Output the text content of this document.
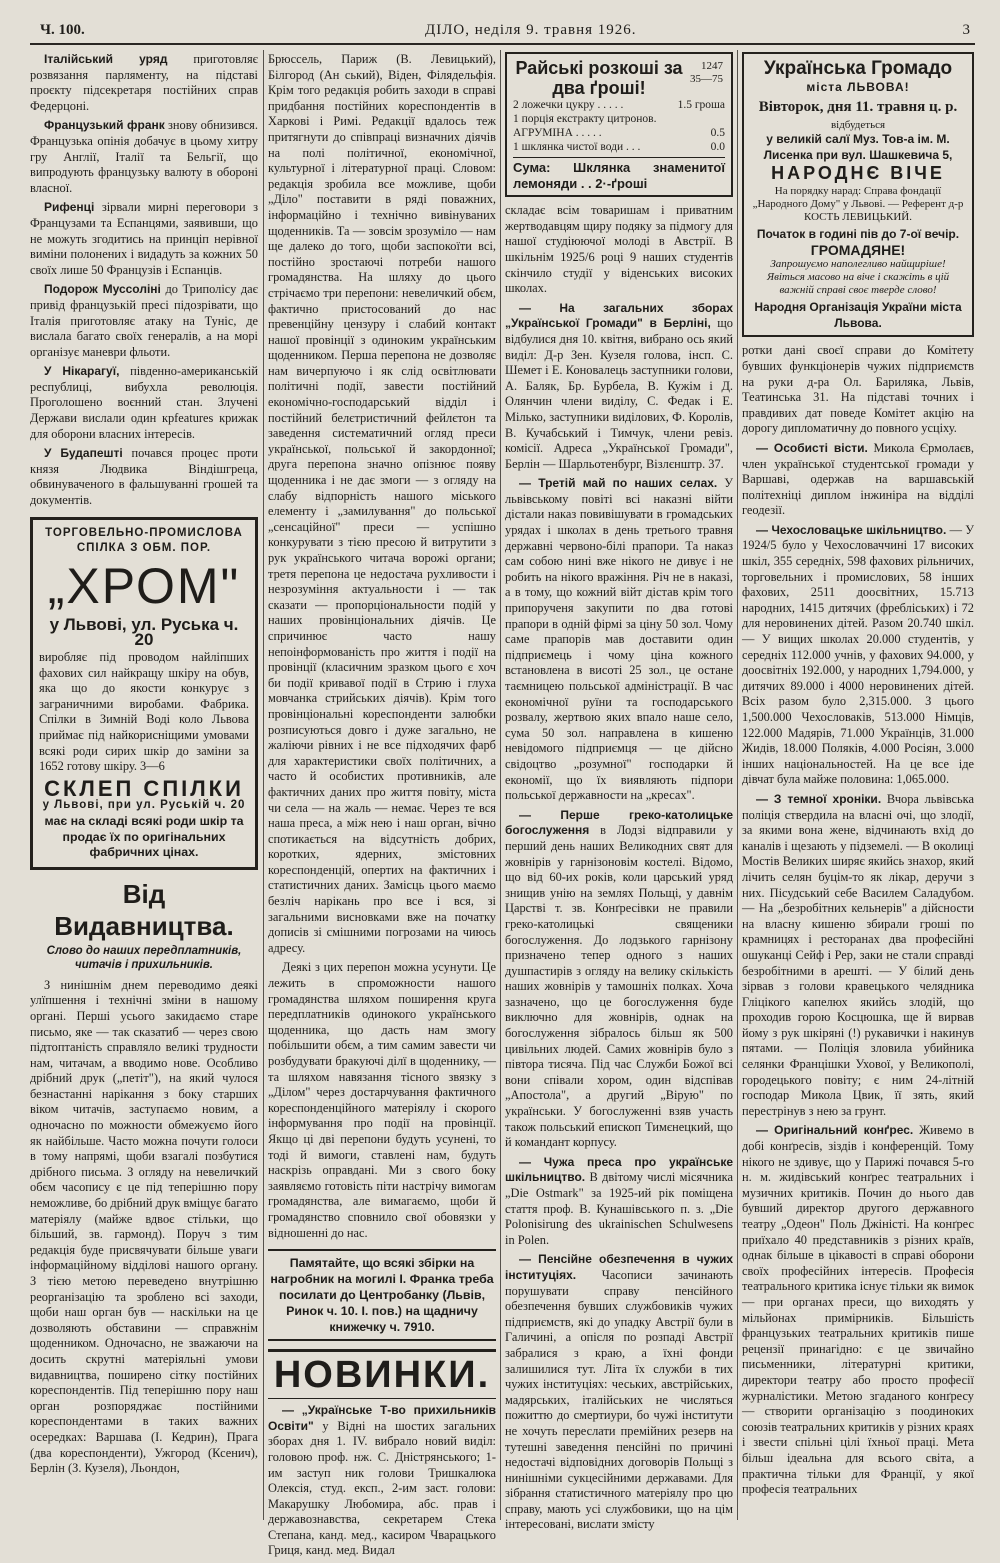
Ч. 100.	ДІЛО, неділя 9. травня 1926.	3

Італійський уряд приготовляє розвязання парляменту, на підставі проєкту підсекретаря постійних справ Федерцоні.

Французький франк знову обнизився. Французька опінія добачує в цьому хитру гру Англії, Італії та Бельгії, що випродують французьку валюту в обороні власної.

Рифенці зірвали мирні переговори з Французами та Еспанцями, заявивши, що не можуть згодитись на принціп нерівної виміни полонених і видадуть за кожних 50 своїх лише 50 Французів і Еспанців.

Подорож Муссоліні до Триполісу дає привід французькій пресі підозрівати, що Італія приготовляє атаку на Туніс, де вислала багато своїх генералів, а на морі організує маневри фльоти.

У Нікарагуї, південно-американській республиці, вибухла революція. Проголошено воєнний стан. Злучені Держави вислали один крfeatures крижак для оборони власних інтересів.

У Будапешті почався процес проти князя Людвика Віндішгреца, обвинуваченого в фальшуванні грошей та документів.

ТОРГОВЕЛЬНО-ПРОМИСЛОВА
СПІЛКА З ОБМ. ПОР.
„ХРОМ"
у Львові, ул. Руська ч. 20
виробляє під проводом найліпших фахових сил найкращу шкіру на обув, яка що до якости конкурує з заграничними виробами. Фабрика. Спілки в Зимній Воді коло Львова приймає під найкорисніщими умовами всякі роди сирих шкір до заміни за 1652 готову шкіру. 3—6
СКЛЕП СПІЛКИ
у Львові, при ул. Руській ч. 20
має на складі всякі роди шкір та продає їх по оригінальних фабричних цінах.
Від Видавництва.
Слово до наших передплатників, читачів і прихильників.

З нинішнім днем переводимо деякі улїпшення і технічні зміни в нашому органі. Перші усього закидаємо старе письмо, яке — так сказатиб — через свою підтоптаність справляло великі трудности нам, читачам, а вводимо нове. Особливо дрібний друк („петіт"), на який чулося безнастанні нарікання з боку старших віком читачів, заступаємо новим, а одночасно по можности обмежуємо його як найбільше. Часто можна почути голоси в тому напрямі, щоби взагалі позбутися дрібного письма. З огляду на невеличкий обєм часопису є це під теперішню пору неможливе, бо дрібний друк вміщує багато матеріялу (майже вдвоє стільки, що більший, зв. гармонд). Поруч з тим редакція буде присвячувати більше уваги інформаційному відділові нашого органу. З тією метою переведено внутрішню реорганізацію та зроблено всі заходи, щоби наш орган був — наскільки на це дозволяють обставини — справжнім щоденником. Одночасно, не зважаючи на досить скрутні матеріяльні умови видавництва, поширено сітку постійних кореспондентів. Під теперішню пору наш орган розпоряджає постійними кореспондентами в таких важних осередках: Варшава (І. Кедрин), Прага (два кореспонденти), Ужгород (Ксенич), Берлін (З. Кузеля), Льондон,

Брюссель, Париж (В. Левицький), Білгород (Ан ський), Віден, Філядельфія. Крім того редакція робить заходи в справі придбання постійних кореспондентів в Харкові і Римі. Редакції вдалось теж притягнути до співпраці визначних діячів на полі політичної, економічної, культурної і літературної праці. Словом: редакція зробила все можливе, щоби „Діло" поставити в ряді поважних, інформаційно і технічно вивінуваних щоденників. Та — зовсім зрозуміло — нам ще далеко до того, щоби заспокоїти всі, постійно зростаючі потреби нашого громадянства. На шляху до цього стрічаємо три перепони: невеличкий обєм, фактично пристосований до нас превенційну цензуру і слабий контакт нашої провінції з одиноким українським щоденником. Перша перепона не дозволяє нам вичерпуючо і як слід освітлювати політичні події, завести постійний економічно-господарський відділ і постійний белєтристичний фейлєтон та заведення систематичний огляд преси української, польської й закордонної; друга перепона значно опізнює появу щоденника і не дає змоги — з огляду на слабу відпорність нашого міського елементу і „замилування" до польської „сенсаційної" преси — успішно конкурувати з тією пресою й витрутити з рук українського читача ворожі органи; третя перепона це недостача рухливости і незрозуміння актуальности і — так сказати — пропорціональности подій у наших провінціональних діячів. Це спричинює часто нашу непоінформованість про життя і події на провінції (класичним зразком цього є хоч би події кривавої події в Стрию і глуха мовчанка стрийських діячів). Крім того провінціональні кореспонденти залюбки розписуються довго і дуже загально, не жаліючи рівних і не все підходячих фарб для характеристики своїх політичних, а часто й особистих противників, але фактичних даних про життя повіту, міста чи села — на жаль — немає. Через те вся наша преса, а між нею і наш орган, вічно спотикається на відсутність добрих, коротких, ядерних, змістовних кореспонденцій, опертих на фактичних і статистичних даних. Замісць цього маємо безліч нарікань про все і вся, зі загальними висновками вже на початку дописів зі смішними погрозами на чиюсь адресу.

Деякі з цих перепон можна усунути. Це лежить в спроможности нашого громадянства шляхом поширення круга передплатників одинокого українського щоденника, що дасть нам змогу побільшити обєм, а тим самим завести чи розбудувати бракуючі ділї в щоденнику, — та шляхом навязання тісного звязку з „Ділом" через достарчування фактичного кореспонденційного матеріялу і скорого інформування про події на провінції. Якщо ці дві перепони будуть усунені, то тоді й вимоги, ставлені нам, будуть наскрізь оправдані. Ми з свого боку заявляємо готовість піти настрічу вимогам громадянства, але вимагаємо, щоби й громадянство сповнило свої обовязки у відношенні до нас.

Памятайте, що всякі збірки на нагробник на могилі І. Франка треба посилати до Центробанку (Львів, Ринок ч. 10. І. пов.) на щадничу книжечку ч. 7910.
НОВИНКИ.

— „Українське Т-во прихильників Освіти" у Відні на шостих загальних зборах дня 1. IV. вибрало новий виділ: головою проф. нж. С. Дністрянського; 1-им заступ ник голови Тришкалюка Олексія, студ. експ., 2-им заст. голови: Макарушку Любомира, абс. прав і державознавства, секретарем Стека Степана, канд. мед., касиром Чварацького Гриця, канд. мед. Видал

1247
35—75
Райські розкоші за два ґроші!
2 ложечки цукру . . . . .	1.5 гроша
1 порція екстракту цитронов.
АГРУМІНА . . . . .	0.5
1 шклянка чистої води . . .	0.0
Сума: Шклянка знаменитої лемоняди . . 2·-ґроші

складає всім товаришам і приватним жертводавцям щиру подяку за підмогу для нашої студіюючої молоді в Австрії. В шкільнім 1925/6 році 9 наших студентів скінчило студії у віденських високих школах.

— На загальних зборах „Української Громади" в Берліні, що відбулися дня 10. квітня, вибрано ось який виділ: Д-р Зен. Кузеля голова, інсп. С. Шемет і Е. Коновалець заступники голови, А. Баляк, Бр. Бурбела, В. Кужім і Д. Олянчин члени виділу, С. Федак і Е. Мілько, заступники виділових, Ф. Королів, В. Кучабський і Тимчук, члени ревіз. комісії. Адреса „Української Громади", Берлін — Шарльотенбург, Візлєнштр. 37.

— Третій май по наших селах. У львівському повіті всі наказні війти дістали наказ повивішувати в громадських урядах і школах в день третього травня державні червоно-білі прапори. Та наказ сам собою нині вже нікого не дивує і не робить на нікого вражіння. Річ не в наказі, а в тому, що кожний війт дістав крім того припорученя закупити по два готові прапори в одній фірмі за ціну 50 зол. Чому саме прапорів мав доставити один підприємець і чому ціна кожного встановлена в висоті 25 зол., це остане таємницею польської адміністрації. В час економічної руїни та господарського розвалу, жертвою яких впало наше село, сума 50 зол. направлена в кишеню невідомого підприємця — це дійсно свідоцтво „розумної" господарки й економії, що їх виявляють підпори польської державности на „кресах".

— Перше греко-католицьке богослуження в Лодзі відправили у перший день наших Великодних свят для жовнірів у гарнізоновім костелі. Відомо, що від 60-их років, коли царський уряд знищив унію на землях Польщі, у давнім Царстві т. зв. Конґресівки не правили греко-католицькі священики богослуження. До лодзького гарнізону призначено тепер одного з наших душпастирів з огляду на велику скількість наших жовнірів у тамошніх полках. Хоча зазначено, що це богослуження буде виключно для жовнірів, однак на богослуження зібралось більш як 500 цивільних людей. Самих жовнірів було з півтора тисяча. Під час Служби Божої всі вони співали хором, один відспівав „Апостола", а другий „Вірую" по українськи. У богослуженні взяв участь також польський епископ Тимєнецкий, що й командант корпусу.

— Чужа преса про українське шкільництво. В двітому числі місячника „Die Ostmark" за 1925-ий рік поміщена стаття проф. В. Кунашівського п. з. „Die Polonisirung des ukrainischen Schulwesens in Polen.

— Пенсійне обезпечення в чужих інституціях. Часописи зачинають порушувати справу пенсійного обезпечення бувших службовиків чужих підприємств, які до упадку Австрії були в Галичині, а опісля по розпаді Австрії забралися з краю, а їхні фонди залишилися тут. Літа їх служби в тих чужих інституціях: чеських, австрійських, мадярських, італійських не числяться пожиттю до смертиури, бо чужі інститути не хочуть переслати премійних резерв на тутешні заведення пенсійні по причині недостачі відповідних договорів Польщі з нинішніми сукцесійними державами. Для зібрання статистичного матеріялу про цю справу, мають усі службовики, що на цім інтересовані, вислати змісту

Українська Громадо
міста ЛЬВОВА!
Вівторок, дня 11. травня ц. р.
відбудеться
у великій салї Муз. Тов-а ім. М. Лисенка при вул. Шашкевича 5,
НАРОДНЄ ВІЧЕ
На порядку нарад: Справа фондації „Народного Дому" у Львові. — Референт д-р КОСТЬ ЛЕВИЦЬКИЙ.
Початок в годині пів до 7-ої вечір.
ГРОМАДЯНЕ!
Запрошуємо наполегливо найщиріше! Явіться масово на віче і скажіть в цій важній справі своє тверде слово!
Народня Організація України міста Львова.

ротки дані своєї справи до Комітету бувших функціонерів чужих підприємств на руки д-ра Ол. Барилякa, Львів, Театинська 31. На підставі точних і правдивих дат поведе Комітет акцію на дорогу дипломатичну до повного усціху.

— Особисті вісти. Микола Єрмолаєв, член української студентської громади у Варшаві, одержав на варшавській політехніці диплом інжиніра на відділі геодезії.

— Чехословацьке шкільництво. — У 1924/5 було у Чехословаччині 17 високих шкіл, 355 середніх, 598 фахових рільничих, торговельних і промислових, 58 інших фахових, 2511 доосвітних, 15.713 народних, 1415 дитячих (фребліських) і 72 для неровинених дітей. Разом 20.740 шкіл. — У вищих школах 20.000 студентів, у середніх 112.000 учнів, у фахових 94.000, у доосвітніх 192.000, у народних 1,794.000, у дитячих 89.000 і 4000 неровинених дітей. Всіх разом було 2,315.000. З цього 1,500.000 Чехословаків, 513.000 Німців, 122.000 Мадярів, 71.000 Українців, 31.000 Жидів, 18.000 Поляків, 4.000 Росіян, 3.000 інших національностей. На це все іде дівчат була майже половина: 1,065.000.

— З темної хроніки. Вчора львівська поліція ствердила на власні очі, що злодії, за якими вона жене, відчинають вхід до каналів і щезають у підземелі. — В околиці Мостів Великих ширяє якийсь знахор, який лічить селян буцім-то як лікар, деручи з них. Пісудський себе Василем Саладубом. — На „безробітних кельнерів" а дійсности на власну кишеню збирали гроші по крамницях і ресторанах два професійні ошуканці Сейф і Рер, заки не стали справді безробітними в арешті. — У білий день зірвав з голови кравецького челядника Гліцікого капелюх якийсь злодій, що проходив горою Косцюшка, ще й вирвав йому з рук шкіряні (!) рукавички і накинув пятами. — Поліція зловила убийника селянки Францішки Ухової, у Великополі, городецького повіту; є ним 24-літній господар Микола Цвик, її зять, який перестрінув з нею за грунт.

— Оригінальний конґрес. Живемо в добі конґресів, зіздів і конференцій. Тому нікого не здивує, що у Парижі почався 5-го н. м. жидівський конґрес театральних і музичних критиків. Почин до нього дав бувший директор другого державного театру „Одеон" Поль Джіністі. На конґрес приїхало 40 представників з різних країв, однак більше в цікавості в справі оборони своїх професійних інтересів. Професія театрального критика існує тільки як вимок — при органах преси, що виходять у мільйонах примірників. Більшість французьких театральних критиків пише рецензії принагідно: є це звичайно письменники, літературні критики, директори театру або просто професії журналістики. Метою згаданого конґресу — створити організацію з поодиноких союзів театральних критиків у різних краях і звести спільні цілі їхньої праці. Мета більш ідеальна для всього світа, а практична тільки для Франції, у якої професія театральних
